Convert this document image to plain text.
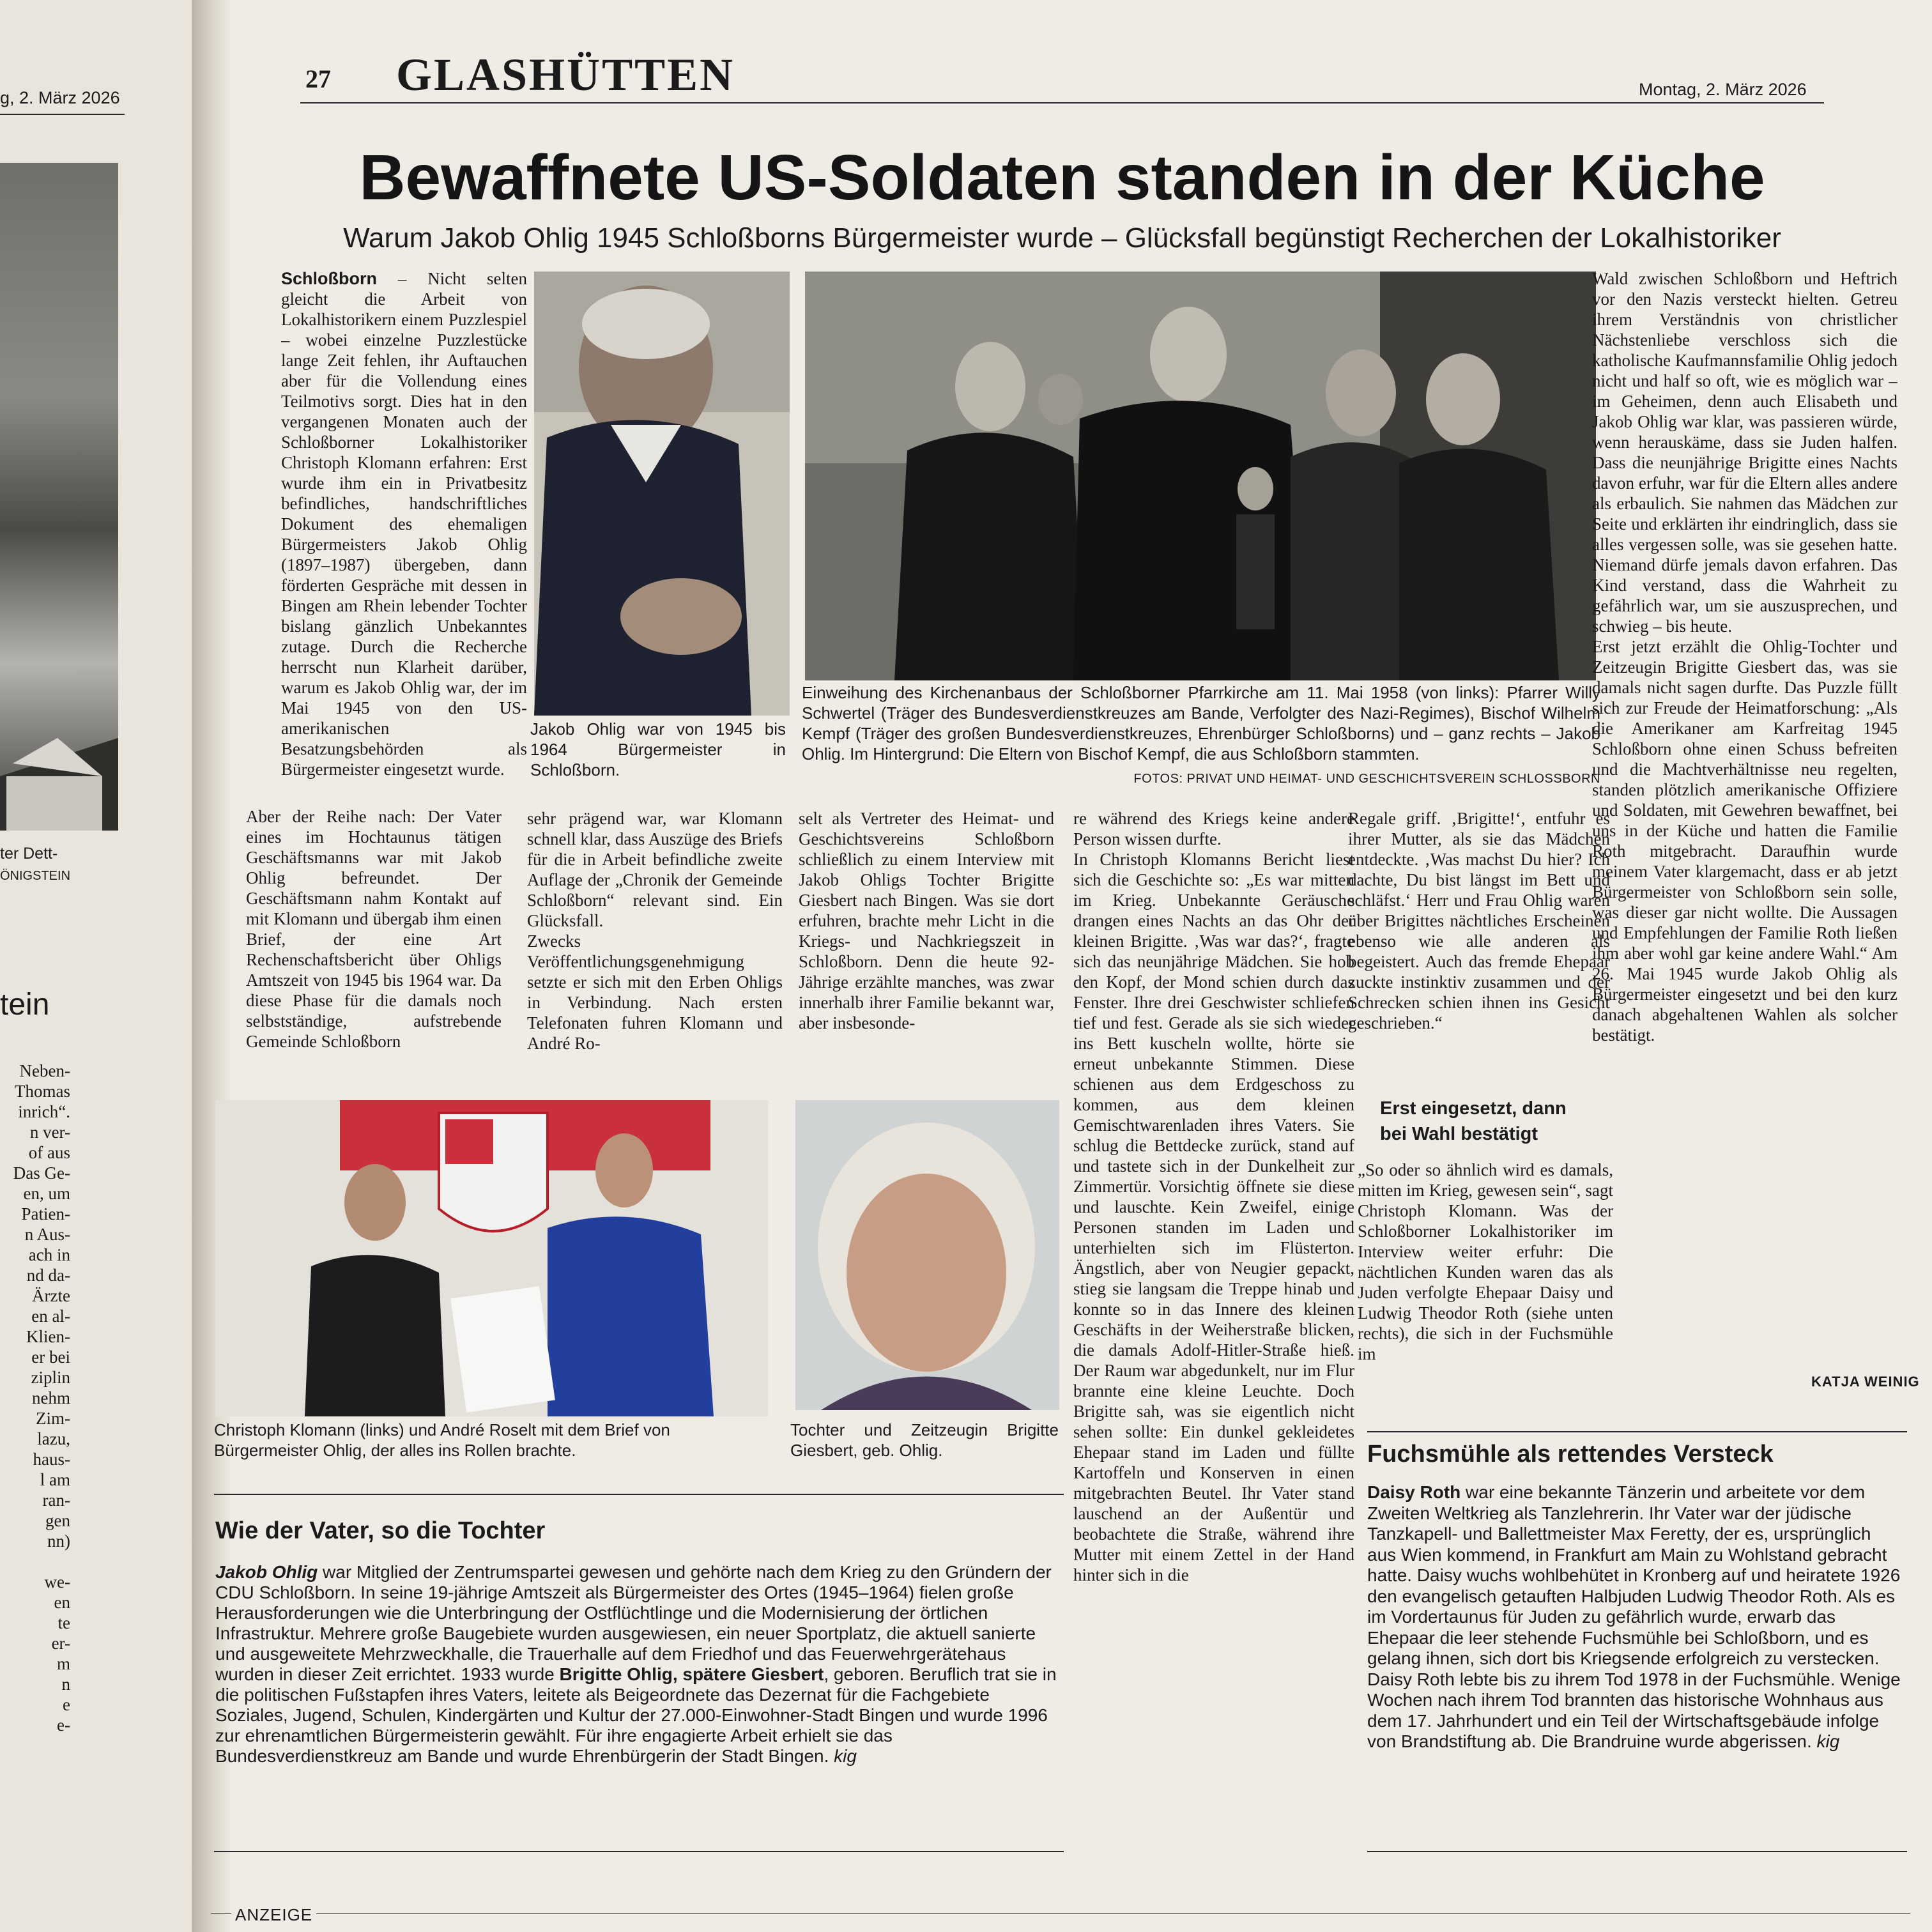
g, 2. März 2026
ter Dett-
ÖNIGSTEIN
tein
Neben-
Thomas
inrich“.
n ver-
of aus
Das Ge-
en, um
Patien-
n Aus-
ach in
nd da-
Ärzte
en al-
Klien-
er bei
ziplin
nehm
Zim-
lazu,
haus-
l am
ran-
gen
nn)

we-
en
te
er-
m
n
e
e-
27 GLASHÜTTEN	Montag, 2. März 2026
Bewaffnete US-Soldaten standen in der Küche
Warum Jakob Ohlig 1945 Schloßborns Bürgermeister wurde – Glücksfall begünstigt Recherchen der Lokalhistoriker
Schloßborn – Nicht selten gleicht die Arbeit von Lokalhistorikern einem Puzzlespiel – wobei einzelne Puzzlestücke lange Zeit fehlen, ihr Auftauchen aber für die Vollendung eines Teilmotivs sorgt. Dies hat in den vergangenen Monaten auch der Schloßborner Lokalhistoriker Christoph Klomann erfahren: Erst wurde ihm ein in Privatbesitz befindliches, handschriftliches Dokument des ehemaligen Bürgermeisters Jakob Ohlig (1897–1987) übergeben, dann förderten Gespräche mit dessen in Bingen am Rhein lebender Tochter bislang gänzlich Unbekanntes zutage. Durch die Recherche herrscht nun Klarheit darüber, warum es Jakob Ohlig war, der im Mai 1945 von den US-amerikanischen Besatzungsbehörden als Bürgermeister eingesetzt wurde.
Jakob Ohlig war von 1945 bis 1964 Bürgermeister in Schloßborn.
Einweihung des Kirchenanbaus der Schloßborner Pfarrkirche am 11. Mai 1958 (von links): Pfarrer Willy Schwertel (Träger des Bundesverdienstkreuzes am Bande, Verfolgter des Nazi-Regimes), Bischof Wilhelm Kempf (Träger des großen Bundesverdienstkreuzes, Ehrenbürger Schloßborns) und – ganz rechts – Jakob Ohlig. Im Hintergrund: Die Eltern von Bischof Kempf, die aus Schloßborn stammten.
FOTOS: PRIVAT UND HEIMAT- UND GESCHICHTSVEREIN SCHLOSSBORN
Wald zwischen Schloßborn und Heftrich vor den Nazis versteckt hielten. Getreu ihrem Verständnis von christlicher Nächstenliebe verschloss sich die katholische Kaufmannsfamilie Ohlig jedoch nicht und half so oft, wie es möglich war – im Geheimen, denn auch Elisabeth und Jakob Ohlig war klar, was passieren würde, wenn herauskäme, dass sie Juden halfen. Dass die neunjährige Brigitte eines Nachts davon erfuhr, war für die Eltern alles andere als erbaulich. Sie nahmen das Mädchen zur Seite und erklärten ihr eindringlich, dass sie alles vergessen solle, was sie gesehen hatte. Niemand dürfe jemals davon erfahren. Das Kind verstand, dass die Wahrheit zu gefährlich war, um sie auszusprechen, und schwieg – bis heute.
Erst jetzt erzählt die Ohlig-Tochter und Zeitzeugin Brigitte Giesbert das, was sie damals nicht sagen durfte. Das Puzzle füllt sich zur Freude der Heimatforschung: „Als die Amerikaner am Karfreitag 1945 Schloßborn ohne einen Schuss befreiten und die Machtverhältnisse neu regelten, standen plötzlich amerikanische Offiziere und Soldaten, mit Gewehren bewaffnet, bei uns in der Küche und hatten die Familie Roth mitgebracht. Daraufhin wurde meinem Vater klargemacht, dass er ab jetzt Bürgermeister von Schloßborn sein solle, was dieser gar nicht wollte. Die Aussagen und Empfehlungen der Familie Roth ließen ihm aber wohl gar keine andere Wahl.“ Am 26. Mai 1945 wurde Jakob Ohlig als Bürgermeister eingesetzt und bei den kurz danach abgehaltenen Wahlen als solcher bestätigt.
KATJA WEINIG
Aber der Reihe nach: Der Vater eines im Hochtaunus tätigen Geschäftsmanns war mit Jakob Ohlig befreundet. Der Geschäftsmann nahm Kontakt auf mit Klomann und übergab ihm einen Brief, der eine Art Rechenschaftsbericht über Ohligs Amtszeit von 1945 bis 1964 war. Da diese Phase für die damals noch selbstständige, aufstrebende Gemeinde Schloßborn
sehr prägend war, war Klomann schnell klar, dass Auszüge des Briefs für die in Arbeit befindliche zweite Auflage der „Chronik der Gemeinde Schloßborn“ relevant sind. Ein Glücksfall.
Zwecks Veröffentlichungsgenehmigung setzte er sich mit den Erben Ohligs in Verbindung. Nach ersten Telefonaten fuhren Klomann und André Ro-
selt als Vertreter des Heimat- und Geschichtsvereins Schloßborn schließlich zu einem Interview mit Jakob Ohligs Tochter Brigitte Giesbert nach Bingen. Was sie dort erfuhren, brachte mehr Licht in die Kriegs- und Nachkriegszeit in Schloßborn. Denn die heute 92-Jährige erzählte manches, was zwar innerhalb ihrer Familie bekannt war, aber insbesonde-
re während des Kriegs keine andere Person wissen durfte.
In Christoph Klomanns Bericht liest sich die Geschichte so: „Es war mitten im Krieg. Unbekannte Geräusche drangen eines Nachts an das Ohr der kleinen Brigitte. ‚Was war das?‘, fragte sich das neunjährige Mädchen. Sie hob den Kopf, der Mond schien durch das Fenster. Ihre drei Geschwister schliefen tief und fest. Gerade als sie sich wieder ins Bett kuscheln wollte, hörte sie erneut unbekannte Stimmen. Diese schienen aus dem Erdgeschoss zu kommen, aus dem kleinen Gemischtwarenladen ihres Vaters. Sie schlug die Bettdecke zurück, stand auf und tastete sich in der Dunkelheit zur Zimmertür. Vorsichtig öffnete sie diese und lauschte. Kein Zweifel, einige Personen standen im Laden und unterhielten sich im Flüsterton. Ängstlich, aber von Neugier gepackt, stieg sie langsam die Treppe hinab und konnte so in das Innere des kleinen Geschäfts in der Weiherstraße blicken, die damals Adolf-Hitler-Straße hieß. Der Raum war abgedunkelt, nur im Flur brannte eine kleine Leuchte. Doch Brigitte sah, was sie eigentlich nicht sehen sollte: Ein dunkel gekleidetes Ehepaar stand im Laden und füllte Kartoffeln und Konserven in einen mitgebrachten Beutel. Ihr Vater stand lauschend an der Außentür und beobachtete die Straße, während ihre Mutter mit einem Zettel in der Hand hinter sich in die
Regale griff. ‚Brigitte!‘, entfuhr es ihrer Mutter, als sie das Mädchen entdeckte. ‚Was machst Du hier? Ich dachte, Du bist längst im Bett und schläfst.‘ Herr und Frau Ohlig waren über Brigittes nächtliches Erscheinen ebenso wie alle anderen als begeistert. Auch das fremde Ehepaar zuckte instinktiv zusammen und der Schrecken schien ihnen ins Gesicht geschrieben.“
Erst eingesetzt, dann bei Wahl bestätigt
„So oder so ähnlich wird es damals, mitten im Krieg, gewesen sein“, sagt Christoph Klomann. Was der Schloßborner Lokalhistoriker im Interview weiter erfuhr: Die nächtlichen Kunden waren das als Juden verfolgte Ehepaar Daisy und Ludwig Theodor Roth (siehe unten rechts), die sich in der Fuchsmühle im
Christoph Klomann (links) und André Roselt mit dem Brief von Bürgermeister Ohlig, der alles ins Rollen brachte.
Tochter und Zeitzeugin Brigitte Giesbert, geb. Ohlig.
Wie der Vater, so die Tochter
Jakob Ohlig war Mitglied der Zentrumspartei gewesen und gehörte nach dem Krieg zu den Gründern der CDU Schloßborn. In seine 19-jährige Amtszeit als Bürgermeister des Ortes (1945–1964) fielen große Herausforderungen wie die Unterbringung der Ostflüchtlinge und die Modernisierung der örtlichen Infrastruktur. Mehrere große Baugebiete wurden ausgewiesen, ein neuer Sportplatz, die aktuell sanierte und ausgeweitete Mehrzweckhalle, die Trauerhalle auf dem Friedhof und das Feuerwehrgerätehaus wurden in dieser Zeit errichtet. 1933 wurde Brigitte Ohlig, spätere Giesbert, geboren. Beruflich trat sie in die politischen Fußstapfen ihres Vaters, leitete als Beigeordnete das Dezernat für die Fachgebiete Soziales, Jugend, Schulen, Kindergärten und Kultur der 27.000-Einwohner-Stadt Bingen und wurde 1996 zur ehrenamtlichen Bürgermeisterin gewählt. Für ihre engagierte Arbeit erhielt sie das Bundesverdienstkreuz am Bande und wurde Ehrenbürgerin der Stadt Bingen. kig
Fuchsmühle als rettendes Versteck
Daisy Roth war eine bekannte Tänzerin und arbeitete vor dem Zweiten Weltkrieg als Tanzlehrerin. Ihr Vater war der jüdische Tanzkapell- und Ballettmeister Max Feretty, der es, ursprünglich aus Wien kommend, in Frankfurt am Main zu Wohlstand gebracht hatte. Daisy wuchs wohlbehütet in Kronberg auf und heiratete 1926 den evangelisch getauften Halbjuden Ludwig Theodor Roth. Als es im Vordertaunus für Juden zu gefährlich wurde, erwarb das Ehepaar die leer stehende Fuchsmühle bei Schloßborn, und es gelang ihnen, sich dort bis Kriegsende erfolgreich zu verstecken. Daisy Roth lebte bis zu ihrem Tod 1978 in der Fuchsmühle. Wenige Wochen nach ihrem Tod brannten das historische Wohnhaus aus dem 17. Jahrhundert und ein Teil der Wirtschaftsgebäude infolge von Brandstiftung ab. Die Brandruine wurde abgerissen. kig
ANZEIGE
